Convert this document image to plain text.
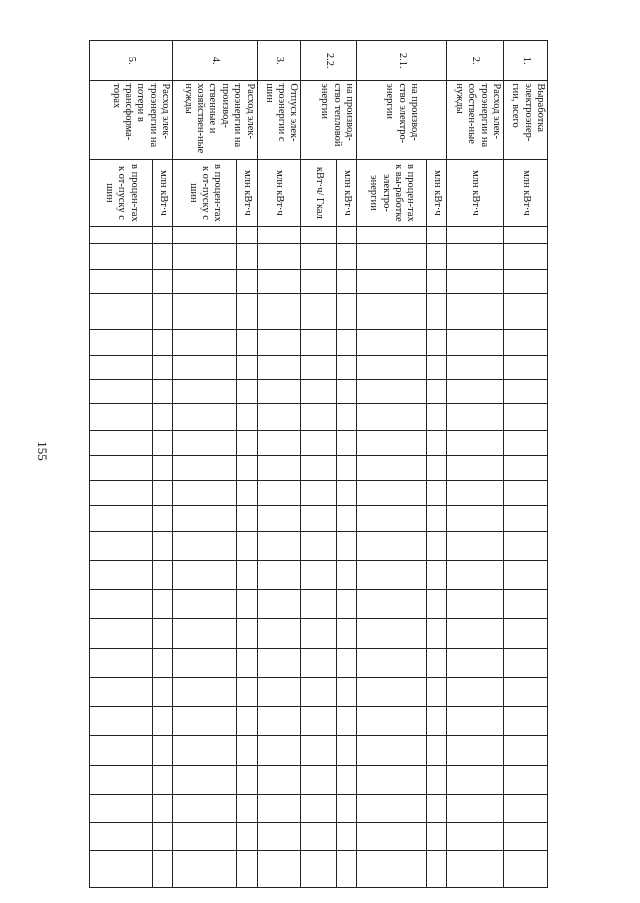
155
1.	Выработка электроэнер-гии, всего	млн кВт·ч																								
2.	Расход элек-троэнергии на собствен-ные нужды	млн кВт·ч																								
2.1.	на производ-ство электро-энергии	млн кВт·ч																								
		в процен-тах к вы-работке электро-энергии																								
2.2.	на производ-ство тепловой энергии	млн кВт·ч																								
		кВт·ч/ Гкал																								
3.	Отпуск элек-троэнергии с шин	млн кВт·ч																								
4.	Расход элек-троэнергии на производ-ственные и хозяйствен-ные нужды	млн кВт·ч																								
		в процен-тах к от-пуску с шин																								
5.	Расход элек-троэнергии на потери в трансформа-торах	млн кВт·ч																								
		в процен-тах к от-пуску с шин																								
